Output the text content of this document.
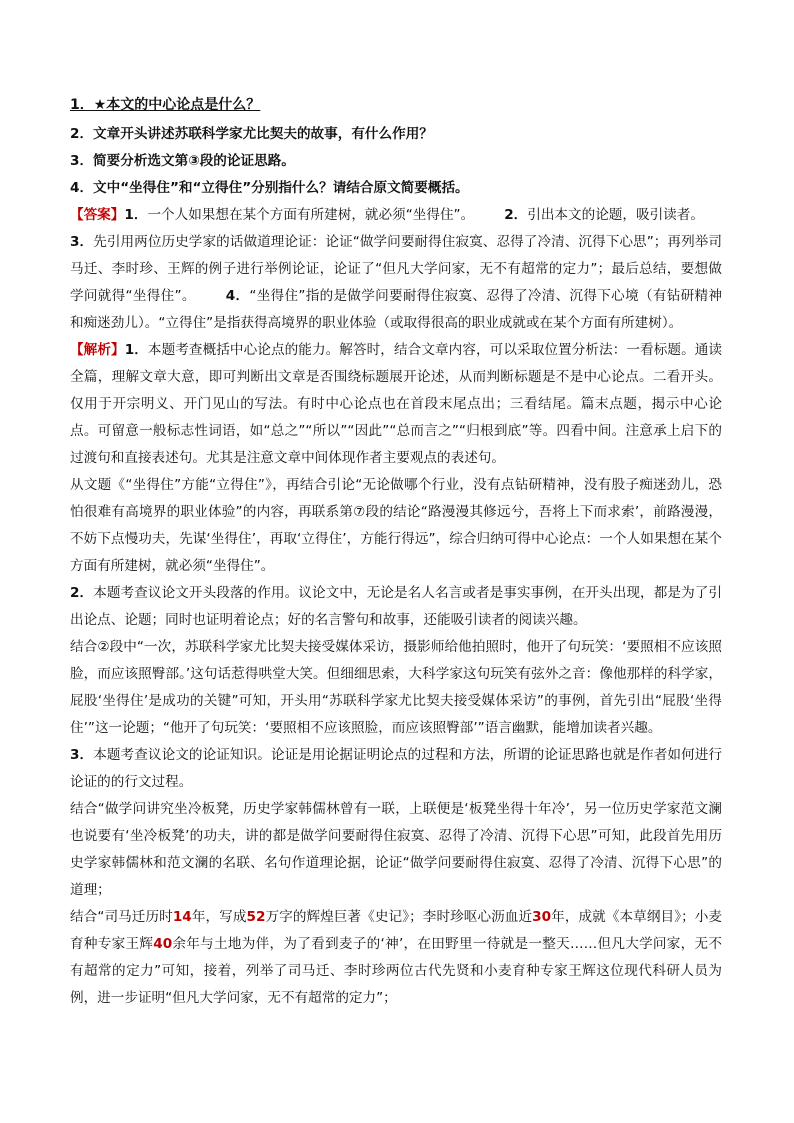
1．★本文的中心论点是什么？

2．文章开头讲述苏联科学家尤比契夫的故事，有什么作用？

3．简要分析选文第③段的论证思路。

4．文中“坐得住”和“立得住”分别指什么？请结合原文简要概括。

【答案】1．一个人如果想在某个方面有所建树，就必须“坐得住”。 2．引出本文的论题，吸引读者。
3．先引用两位历史学家的话做道理论证：论证“做学问要耐得住寂寞、忍得了冷清、沉得下心思”；再列举司马迁、李时珍、王辉的例子进行举例论证，论证了“但凡大学问家，无不有超常的定力”；最后总结，要想做学问就得“坐得住”。 4．“坐得住”指的是做学问要耐得住寂寞、忍得了冷清、沉得下心境（有钻研精神和痴迷劲儿）。“立得住”是指获得高境界的职业体验（或取得很高的职业成就或在某个方面有所建树）。

【解析】1．本题考查概括中心论点的能力。解答时，结合文章内容，可以采取位置分析法：一看标题。通读全篇，理解文章大意，即可判断出文章是否围绕标题展开论述，从而判断标题是不是中心论点。二看开头。仅用于开宗明义、开门见山的写法。有时中心论点也在首段末尾点出；三看结尾。篇末点题，揭示中心论点。可留意一般标志性词语，如“总之”“所以”“因此”“总而言之”“归根到底”等。四看中间。注意承上启下的过渡句和直接表述句。尤其是注意文章中间体现作者主要观点的表述句。

从文题《“坐得住”方能“立得住”》，再结合引论“无论做哪个行业，没有点钻研精神，没有股子痴迷劲儿，恐怕很难有高境界的职业体验”的内容，再联系第⑦段的结论“路漫漫其修远兮，吾将上下而求索’，前路漫漫，不妨下点慢功夫，先谋‘坐得住’，再取‘立得住’，方能行得远”，综合归纳可得中心论点：一个人如果想在某个方面有所建树，就必须“坐得住”。

2．本题考查议论文开头段落的作用。议论文中，无论是名人名言或者是事实事例，在开头出现，都是为了引出论点、论题；同时也证明着论点；好的名言警句和故事，还能吸引读者的阅读兴趣。

结合②段中“一次，苏联科学家尤比契夫接受媒体采访，摄影师给他拍照时，他开了句玩笑：‘要照相不应该照脸，而应该照臀部。’这句话惹得哄堂大笑。但细细思索，大科学家这句玩笑有弦外之音：像他那样的科学家，屁股‘坐得住’是成功的关键”可知，开头用“苏联科学家尤比契夫接受媒体采访”的事例，首先引出“屁股‘坐得住’”这一论题；“他开了句玩笑：‘要照相不应该照脸，而应该照臀部’”语言幽默，能增加读者兴趣。

3．本题考查议论文的论证知识。论证是用论据证明论点的过程和方法，所谓的论证思路也就是作者如何进行论证的的行文过程。

结合“做学问讲究坐冷板凳，历史学家韩儒林曾有一联，上联便是‘板凳坐得十年冷’，另一位历史学家范文澜也说要有‘坐冷板凳’的功夫，讲的都是做学问要耐得住寂寞、忍得了冷清、沉得下心思”可知，此段首先用历史学家韩儒林和范文澜的名联、名句作道理论据，论证“做学问要耐得住寂寞、忍得了冷清、沉得下心思”的道理；

结合“司马迁历时14年，写成52万字的辉煌巨著《史记》；李时珍呕心沥血近30年，成就《本草纲目》；小麦育种专家王辉40余年与土地为伴，为了看到麦子的‘神’，在田野里一待就是一整天……但凡大学问家，无不有超常的定力”可知，接着，列举了司马迁、李时珍两位古代先贤和小麦育种专家王辉这位现代科研人员为例，进一步证明“但凡大学问家，无不有超常的定力”；
